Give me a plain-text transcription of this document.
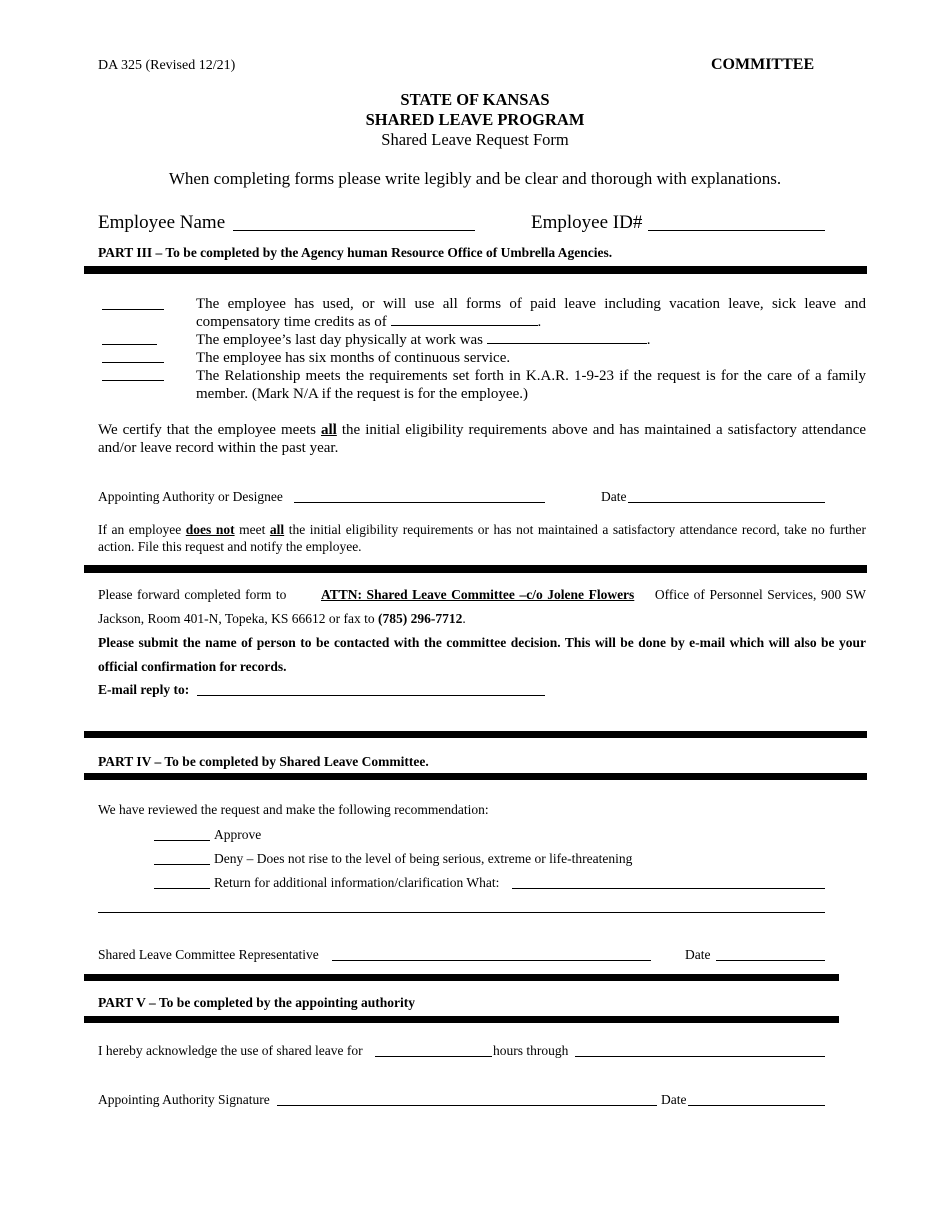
DA 325 (Revised 12/21)	COMMITTEE
STATE OF KANSAS
SHARED LEAVE PROGRAM
Shared Leave Request Form
When completing forms please write legibly and be clear and thorough with explanations.
Employee Name	Employee ID#
PART III – To be completed by the Agency human Resource Office of Umbrella Agencies.
The employee has used, or will use all forms of paid leave including vacation leave, sick leave and compensatory time credits as of	.
The employee’s last day physically at work was	.
The employee has six months of continuous service.
The Relationship meets the requirements set forth in K.A.R. 1-9-23 if the request is for the care of a family member. (Mark N/A if the request is for the employee.)
We certify that the employee meets all the initial eligibility requirements above and has maintained a satisfactory attendance and/or leave record within the past year.
Appointing Authority or Designee	Date
If an employee does not meet all the initial eligibility requirements or has not maintained a satisfactory attendance record, take no further action. File this request and notify the employee.
Please forward completed form to	ATTN: Shared Leave Committee –c/o Jolene Flowers Office of Personnel Services, 900 SW Jackson, Room 401-N, Topeka, KS 66612 or fax to (785) 296-7712.
Please submit the name of person to be contacted with the committee decision. This will be done by e-mail which will also be your official confirmation for records.
E-mail reply to:
PART IV – To be completed by Shared Leave Committee.
We have reviewed the request and make the following recommendation:
Approve
Deny – Does not rise to the level of being serious, extreme or life-threatening
Return for additional information/clarification What:
Shared Leave Committee Representative	Date
PART V – To be completed by the appointing authority
I hereby acknowledge the use of shared leave for	hours through
Appointing Authority Signature	Date
